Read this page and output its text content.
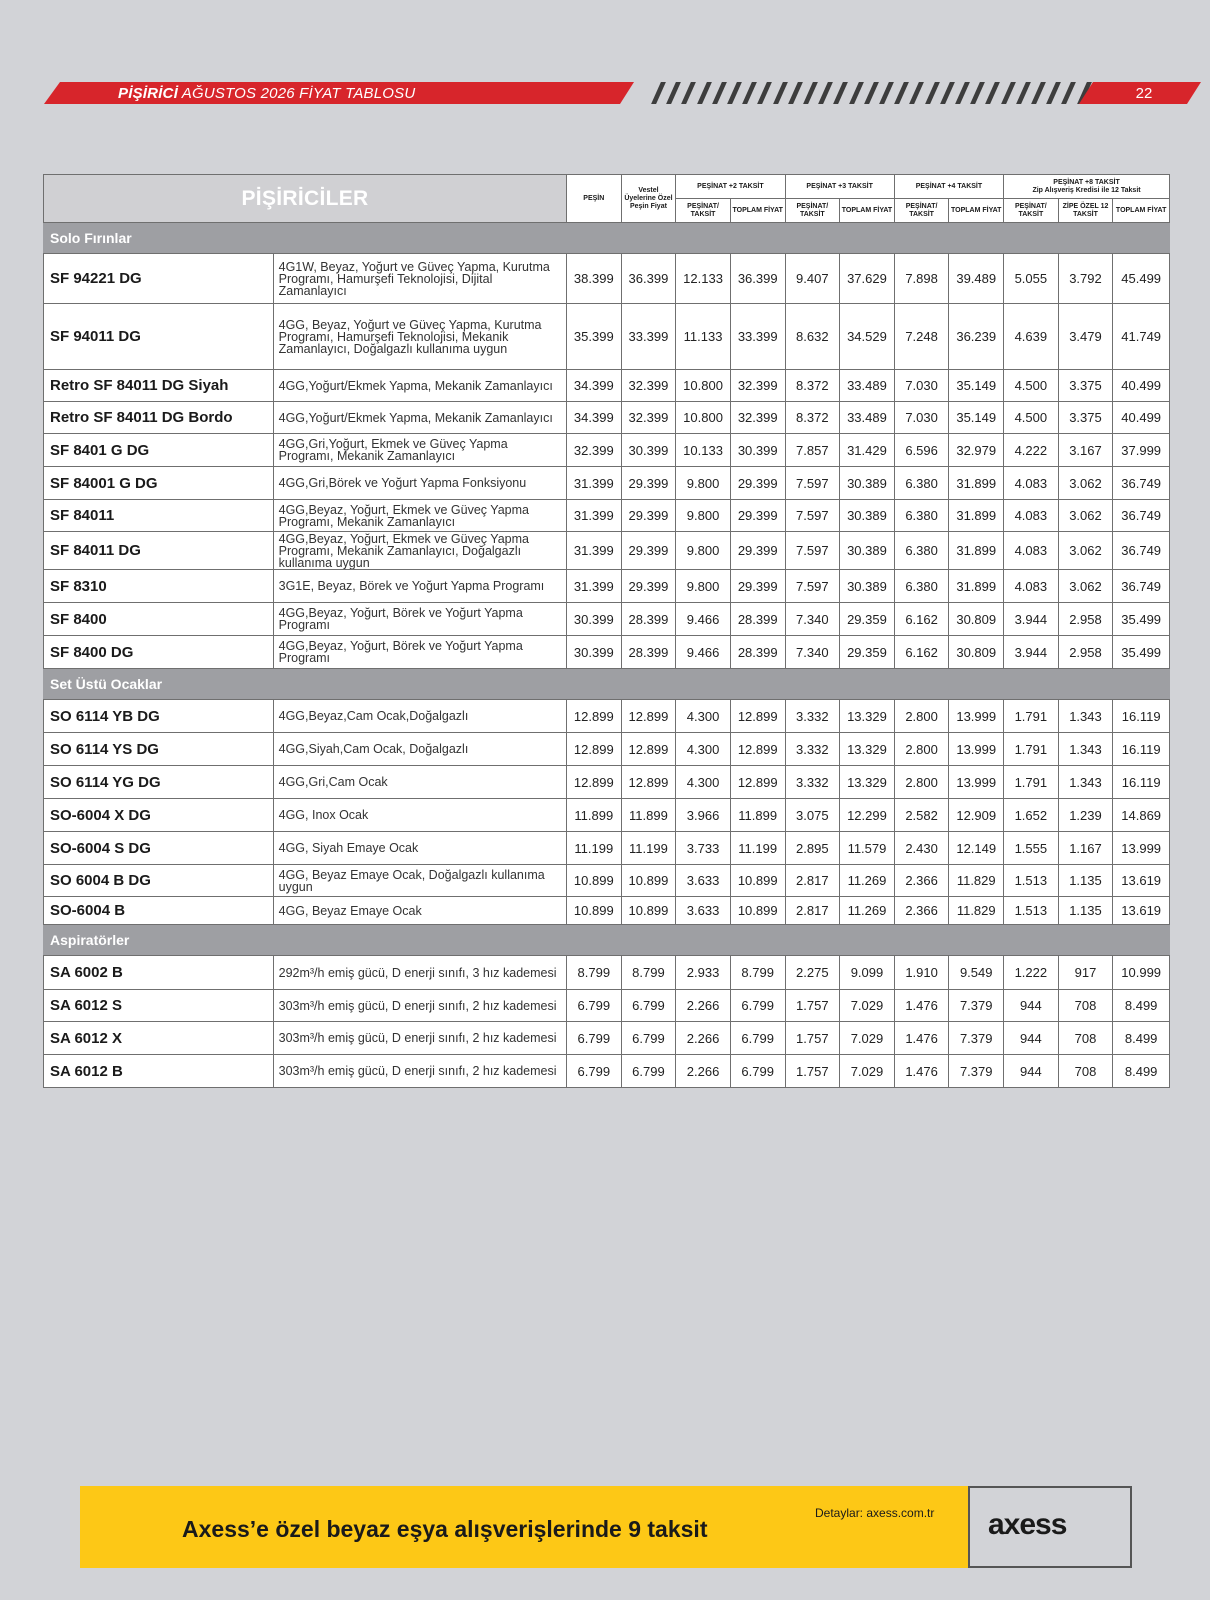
PİŞİRİCİ AĞUSTOS 2026 FİYAT TABLOSU	22
PİŞİRİCİLER		PEŞİN	Vestel Üyelerine Özel Peşin Fiyat	PEŞİNAT +2 TAKSİT		PEŞİNAT +3 TAKSİT		PEŞİNAT +4 TAKSİT		PEŞİNAT +8 TAKSİT
Zip Alışveriş Kredisi ile 12 Taksit		

				PEŞİNAT/ TAKSİT	TOPLAM FİYAT	PEŞİNAT/ TAKSİT	TOPLAM FİYAT	PEŞİNAT/ TAKSİT	TOPLAM FİYAT	PEŞİNAT/ TAKSİT	ZİPE ÖZEL 12 TAKSİT	TOPLAM FİYAT
Solo Fırınlar												
SF 94221 DG	4G1W, Beyaz, Yoğurt ve Güveç Yapma, Kurutma Programı, Hamurşefi Teknolojisi, Dijital Zamanlayıcı	38.399	36.399	12.133	36.399	9.407	37.629	7.898	39.489	5.055	3.792	45.499
SF 94011 DG	4GG, Beyaz, Yoğurt ve Güveç Yapma, Kurutma Programı, Hamurşefi Teknolojisi, Mekanik Zamanlayıcı, Doğalgazlı kullanıma uygun	35.399	33.399	11.133	33.399	8.632	34.529	7.248	36.239	4.639	3.479	41.749
Retro SF 84011 DG Siyah	4GG,Yoğurt/Ekmek Yapma, Mekanik Zamanlayıcı	34.399	32.399	10.800	32.399	8.372	33.489	7.030	35.149	4.500	3.375	40.499
Retro SF 84011 DG Bordo	4GG,Yoğurt/Ekmek Yapma, Mekanik Zamanlayıcı	34.399	32.399	10.800	32.399	8.372	33.489	7.030	35.149	4.500	3.375	40.499
SF 8401 G DG	4GG,Gri,Yoğurt, Ekmek ve Güveç Yapma Programı, Mekanik Zamanlayıcı	32.399	30.399	10.133	30.399	7.857	31.429	6.596	32.979	4.222	3.167	37.999
SF 84001 G DG	4GG,Gri,Börek ve Yoğurt Yapma Fonksiyonu	31.399	29.399	9.800	29.399	7.597	30.389	6.380	31.899	4.083	3.062	36.749
SF 84011	4GG,Beyaz, Yoğurt, Ekmek ve Güveç Yapma Programı, Mekanik Zamanlayıcı	31.399	29.399	9.800	29.399	7.597	30.389	6.380	31.899	4.083	3.062	36.749
SF 84011 DG	4GG,Beyaz, Yoğurt, Ekmek ve Güveç Yapma Programı, Mekanik Zamanlayıcı, Doğalgazlı kullanıma uygun	31.399	29.399	9.800	29.399	7.597	30.389	6.380	31.899	4.083	3.062	36.749
SF 8310	3G1E, Beyaz, Börek ve Yoğurt Yapma Programı	31.399	29.399	9.800	29.399	7.597	30.389	6.380	31.899	4.083	3.062	36.749
SF 8400	4GG,Beyaz, Yoğurt, Börek ve Yoğurt Yapma Programı	30.399	28.399	9.466	28.399	7.340	29.359	6.162	30.809	3.944	2.958	35.499
SF 8400 DG	4GG,Beyaz, Yoğurt, Börek ve Yoğurt Yapma Programı	30.399	28.399	9.466	28.399	7.340	29.359	6.162	30.809	3.944	2.958	35.499
Set Üstü Ocaklar												
SO 6114 YB DG	4GG,Beyaz,Cam Ocak,Doğalgazlı	12.899	12.899	4.300	12.899	3.332	13.329	2.800	13.999	1.791	1.343	16.119
SO 6114 YS DG	4GG,Siyah,Cam Ocak, Doğalgazlı	12.899	12.899	4.300	12.899	3.332	13.329	2.800	13.999	1.791	1.343	16.119
SO 6114 YG DG	4GG,Gri,Cam Ocak	12.899	12.899	4.300	12.899	3.332	13.329	2.800	13.999	1.791	1.343	16.119
SO-6004 X DG	4GG, Inox Ocak	11.899	11.899	3.966	11.899	3.075	12.299	2.582	12.909	1.652	1.239	14.869
SO-6004 S DG	4GG, Siyah Emaye Ocak	11.199	11.199	3.733	11.199	2.895	11.579	2.430	12.149	1.555	1.167	13.999
SO 6004 B DG	4GG, Beyaz Emaye Ocak, Doğalgazlı kullanıma uygun	10.899	10.899	3.633	10.899	2.817	11.269	2.366	11.829	1.513	1.135	13.619
SO-6004 B	4GG, Beyaz Emaye Ocak	10.899	10.899	3.633	10.899	2.817	11.269	2.366	11.829	1.513	1.135	13.619
Aspiratörler												
SA 6002 B	292m³/h emiş gücü, D enerji sınıfı, 3 hız kademesi	8.799	8.799	2.933	8.799	2.275	9.099	1.910	9.549	1.222	917	10.999
SA 6012 S	303m³/h emiş gücü, D enerji sınıfı, 2 hız kademesi	6.799	6.799	2.266	6.799	1.757	7.029	1.476	7.379	944	708	8.499
SA 6012 X	303m³/h emiş gücü, D enerji sınıfı, 2 hız kademesi	6.799	6.799	2.266	6.799	1.757	7.029	1.476	7.379	944	708	8.499
SA 6012 B	303m³/h emiş gücü, D enerji sınıfı, 2 hız kademesi	6.799	6.799	2.266	6.799	1.757	7.029	1.476	7.379	944	708	8.499
Axess’e özel beyaz eşya alışverişlerinde 9 taksit
Detaylar: axess.com.tr axess
